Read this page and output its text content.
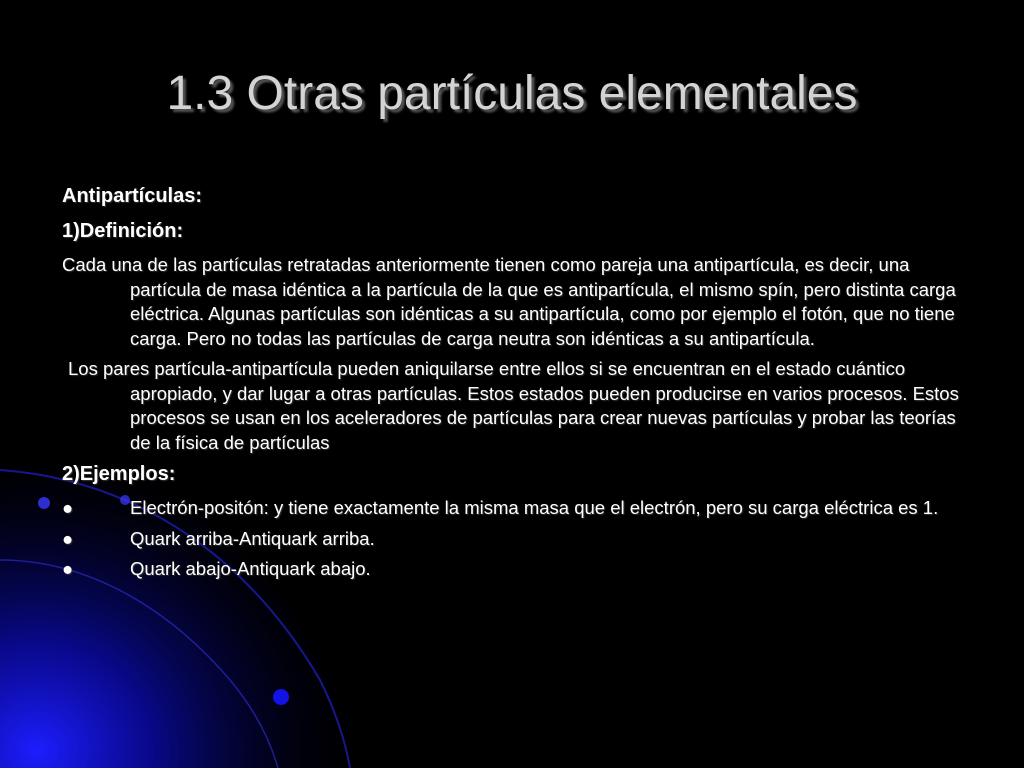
1.3 Otras partículas elementales
Antipartículas:
1)Definición:
Cada una de las partículas retratadas anteriormente tienen como pareja una antipartícula, es decir, una partícula de masa idéntica a la partícula de la que es antipartícula, el mismo spín, pero distinta carga eléctrica. Algunas partículas son idénticas a su antipartícula, como por ejemplo el fotón, que no tiene carga. Pero no todas las partículas de carga neutra son idénticas a su antipartícula.
Los pares partícula-antipartícula pueden aniquilarse entre ellos si se encuentran en el estado cuántico apropiado, y dar lugar a otras partículas. Estos estados pueden producirse en varios procesos. Estos procesos se usan en los aceleradores de partículas para crear nuevas partículas y probar las teorías de la física de partículas
2)Ejemplos:
●	Electrón-positón: y tiene exactamente la misma masa que el electrón, pero su carga eléctrica es 1.
●	Quark arriba-Antiquark arriba.
●	Quark abajo-Antiquark abajo.
